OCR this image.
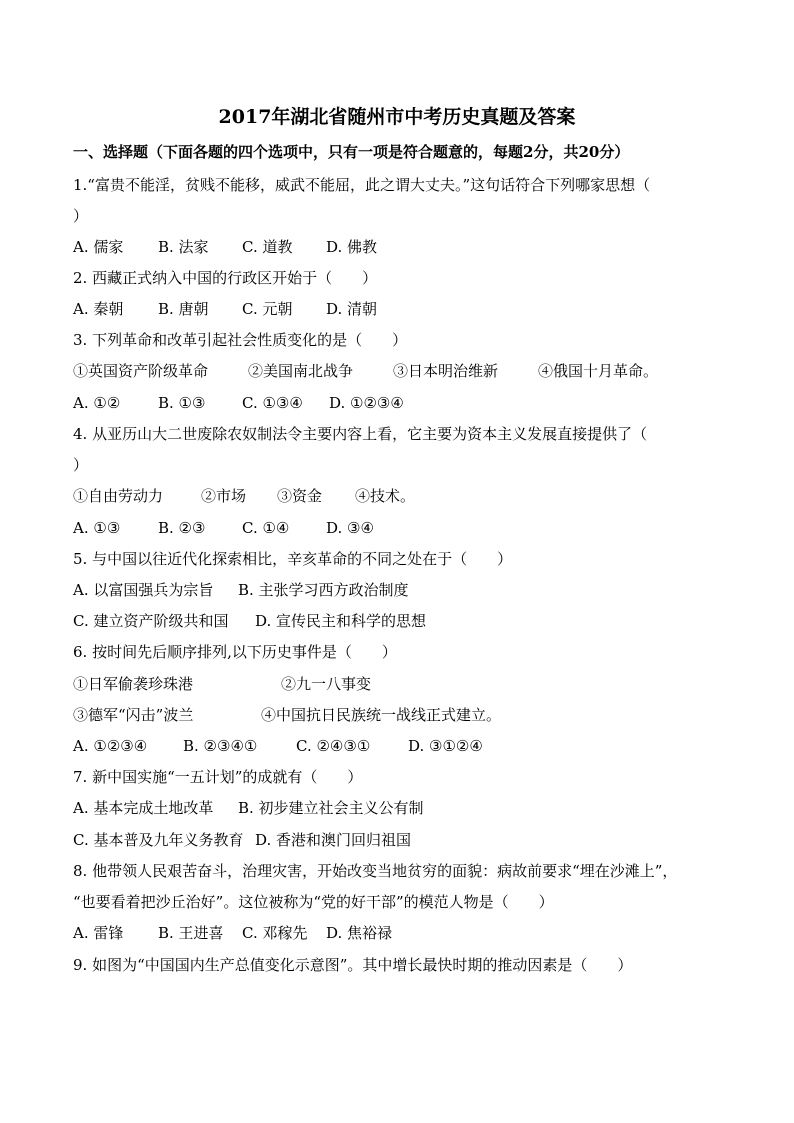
2017年湖北省随州市中考历史真题及答案
一、选择题（下面各题的四个选项中，只有一项是符合题意的，每题2分，共20分）
1.“富贵不能淫，贫贱不能移，威武不能屈，此之谓大丈夫。”这句话符合下列哪家思想（
）
A. 儒家 B. 法家 C. 道教 D. 佛教
2. 西藏正式纳入中国的行政区开始于（　　）
A. 秦朝 B. 唐朝 C. 元朝 D. 清朝
3. 下列革命和改革引起社会性质变化的是（　　）
①英国资产阶级革命	②美国南北战争	③日本明治维新	④俄国十月革命。
A. ①②	B. ①③ C. ①③④ D. ①②③④
4. 从亚历山大二世废除农奴制法令主要内容上看，它主要为资本主义发展直接提供了（
）
①自由劳动力	②市场 ③资金 ④技术。
A. ①③	B. ②③ C. ①④ D. ③④
5. 与中国以往近代化探索相比，辛亥革命的不同之处在于（　　）
A. 以富国强兵为宗旨 B. 主张学习西方政治制度
C. 建立资产阶级共和国 D. 宣传民主和科学的思想
6. 按时间先后顺序排列,以下历史事件是（　　）
①日军偷袭珍珠港	②九一八事变
③德军“闪击”波兰	④中国抗日民族统一战线正式建立。
A. ①②③④ B. ②③④①	C. ②④③①	D. ③①②④
7. 新中国实施“一五计划”的成就有（　　）
A. 基本完成土地改革 B. 初步建立社会主义公有制
C. 基本普及九年义务教育 D. 香港和澳门回归祖国
8. 他带领人民艰苦奋斗，治理灾害，开始改变当地贫穷的面貌：病故前要求“埋在沙滩上”，
“也要看着把沙丘治好”。这位被称为“党的好干部”的模范人物是（　　）
A. 雷锋 B. 王进喜 C. 邓稼先 D. 焦裕禄
9. 如图为“中国国内生产总值变化示意图”。其中增长最快时期的推动因素是（　　）
